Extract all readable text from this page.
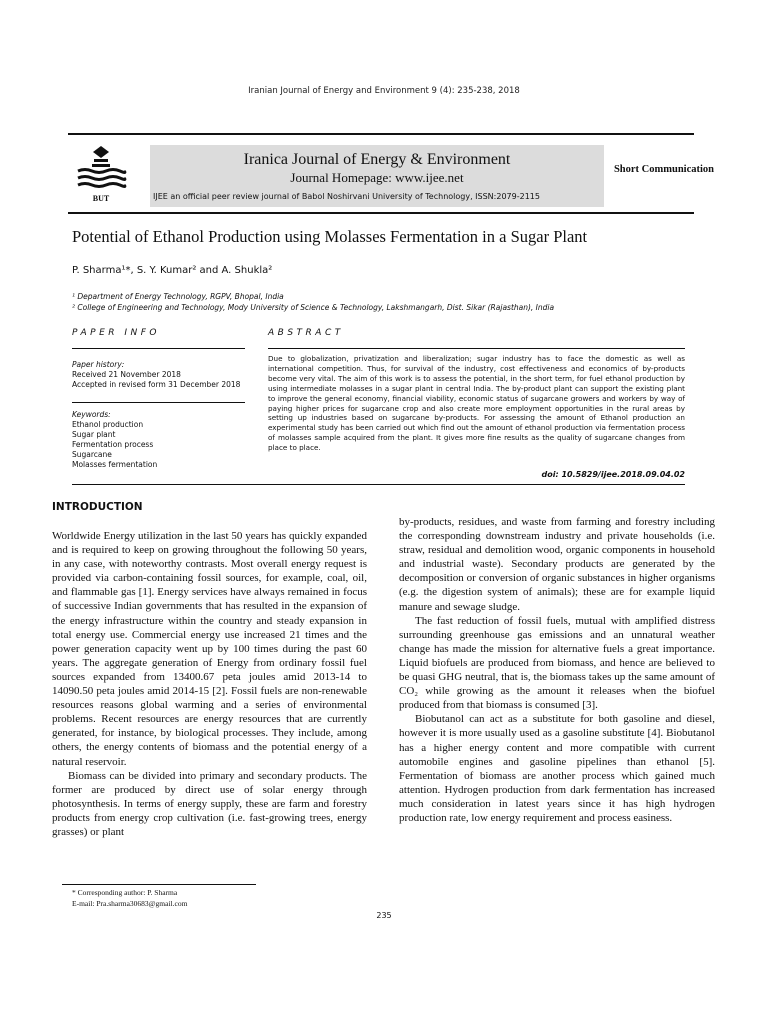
Iranian Journal of Energy and Environment 9 (4): 235-238, 2018
BUT
Iranica Journal of Energy & Environment
Journal Homepage: www.ijee.net
IJEE an official peer review journal of Babol Noshirvani University of Technology, ISSN:2079-2115
Short Communication
Potential of Ethanol Production using Molasses Fermentation in a Sugar Plant
P. Sharma¹*, S. Y. Kumar² and A. Shukla²
¹ Department of Energy Technology, RGPV, Bhopal, India
² College of Engineering and Technology, Mody University of Science & Technology, Lakshmangarh, Dist. Sikar (Rajasthan), India
PAPER INFO
Paper history:
Received 21 November 2018
Accepted in revised form 31 December 2018
Keywords:
Ethanol production
Sugar plant
Fermentation process
Sugarcane
Molasses fermentation
ABSTRACT
Due to globalization, privatization and liberalization; sugar industry has to face the domestic as well as international competition. Thus, for survival of the industry, cost effectiveness and economics of by-products become very vital. The aim of this work is to assess the potential, in the short term, for fuel ethanol production by using intermediate molasses in a sugar plant in central India. The by-product plant can support the existing plant to improve the general economy, financial viability, economic status of sugarcane growers and workers by way of paying higher prices for sugarcane crop and also create more employment opportunities in the rural areas by setting up industries based on sugarcane by-products. For assessing the amount of Ethanol production an experimental study has been carried out which find out the amount of ethanol production via fermentation process of molasses sample acquired from the plant. It gives more fine results as the quality of sugarcane changes from place to place.
doi: 10.5829/ijee.2018.09.04.02
INTRODUCTION

Worldwide Energy utilization in the last 50 years has quickly expanded and is required to keep on growing throughout the following 50 years, in any case, with noteworthy contrasts. Most overall energy request is provided via carbon-containing fossil sources, for example, coal, oil, and flammable gas [1]. Energy services have always remained in focus of successive Indian governments that has resulted in the expansion of the energy infrastructure within the country and steady expansion in total energy use. Commercial energy use increased 21 times and the power generation capacity went up by 100 times during the past 60 years. The aggregate generation of Energy from ordinary fossil fuel sources expanded from 13400.67 peta joules amid 2013-14 to 14090.50 peta joules amid 2014-15 [2]. Fossil fuels are non-renewable resources reasons global warming and a series of environmental problems. Recent resources are energy resources that are currently generated, for instance, by biological processes. They include, among others, the energy contents of biomass and the potential energy of a natural reservoir.

Biomass can be divided into primary and secondary products. The former are produced by direct use of solar energy through photosynthesis. In terms of energy supply, these are farm and forestry products from energy crop cultivation (i.e. fast-growing trees, energy grasses) or plant

by-products, residues, and waste from farming and forestry including the corresponding downstream industry and private households (i.e. straw, residual and demolition wood, organic components in household and industrial waste). Secondary products are generated by the decomposition or conversion of organic substances in higher organisms (e.g. the digestion system of animals); these are for example liquid manure and sewage sludge.

The fast reduction of fossil fuels, mutual with amplified distress surrounding greenhouse gas emissions and an unnatural weather change has made the mission for alternative fuels a great importance. Liquid biofuels are produced from biomass, and hence are believed to be quasi GHG neutral, that is, the biomass takes up the same amount of CO₂ while growing as the amount it releases when the biofuel produced from that biomass is consumed [3].

Biobutanol can act as a substitute for both gasoline and diesel, however it is more usually used as a gasoline substitute [4]. Biobutanol has a higher energy content and more compatible with current automobile engines and gasoline pipelines than ethanol [5]. Fermentation of biomass are another process which gained much attention. Hydrogen production from dark fermentation has increased much consideration in latest years since it has high hydrogen production rate, low energy requirement and process easiness.

* Corresponding author: P. Sharma
E-mail: Pra.sharma30683@gmail.com
235
